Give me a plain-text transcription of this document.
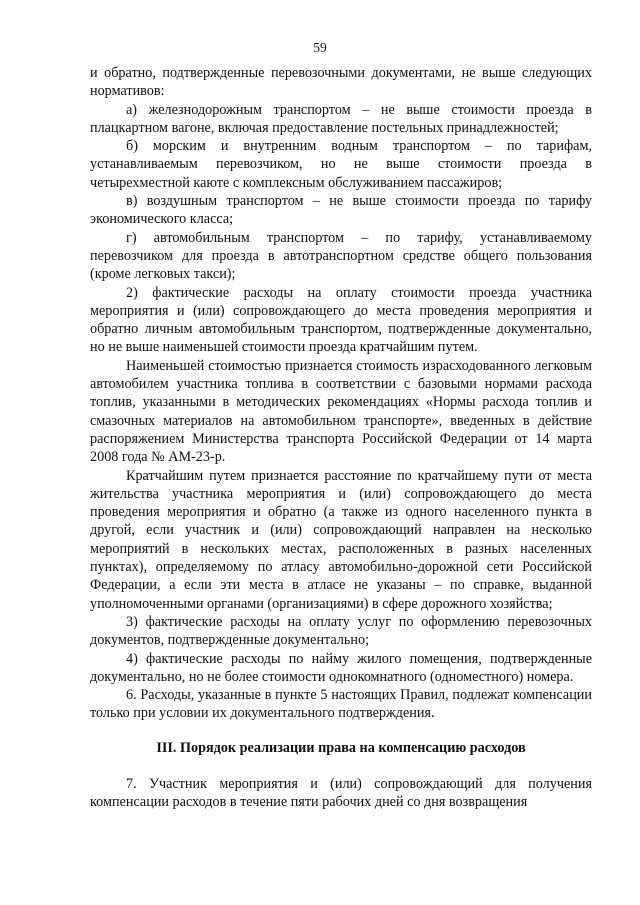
59

и обратно, подтвержденные перевозочными документами, не выше следующих нормативов:

а) железнодорожным транспортом – не выше стоимости проезда в плацкартном вагоне, включая предоставление постельных принадлежностей;

б) морским и внутренним водным транспортом – по тарифам, устанавливаемым перевозчиком, но не выше стоимости проезда в четырехместной каюте с комплексным обслуживанием пассажиров;

в) воздушным транспортом – не выше стоимости проезда по тарифу экономического класса;

г) автомобильным транспортом – по тарифу, устанавливаемому перевозчиком для проезда в автотранспортном средстве общего пользования (кроме легковых такси);

2) фактические расходы на оплату стоимости проезда участника мероприятия и (или) сопровождающего до места проведения мероприятия и обратно личным автомобильным транспортом, подтвержденные документально, но не выше наименьшей стоимости проезда кратчайшим путем.

Наименьшей стоимостью признается стоимость израсходованного легковым автомобилем участника топлива в соответствии с базовыми нормами расхода топлив, указанными в методических рекомендациях «Нормы расхода топлив и смазочных материалов на автомобильном транспорте», введенных в действие распоряжением Министерства транспорта Российской Федерации от 14 марта 2008 года № АМ-23-р.

Кратчайшим путем признается расстояние по кратчайшему пути от места жительства участника мероприятия и (или) сопровождающего до места проведения мероприятия и обратно (а также из одного населенного пункта в другой, если участник и (или) сопровождающий направлен на несколько мероприятий в нескольких местах, расположенных в разных населенных пунктах), определяемому по атласу автомобильно-дорожной сети Российской Федерации, а если эти места в атласе не указаны – по справке, выданной уполномоченными органами (организациями) в сфере дорожного хозяйства;

3) фактические расходы на оплату услуг по оформлению перевозочных документов, подтвержденные документально;

4) фактические расходы по найму жилого помещения, подтвержденные документально, но не более стоимости однокомнатного (одноместного) номера.

6. Расходы, указанные в пункте 5 настоящих Правил, подлежат компенсации только при условии их документального подтверждения.

III. Порядок реализации права на компенсацию расходов

7. Участник мероприятия и (или) сопровождающий для получения компенсации расходов в течение пяти рабочих дней со дня возвращения
